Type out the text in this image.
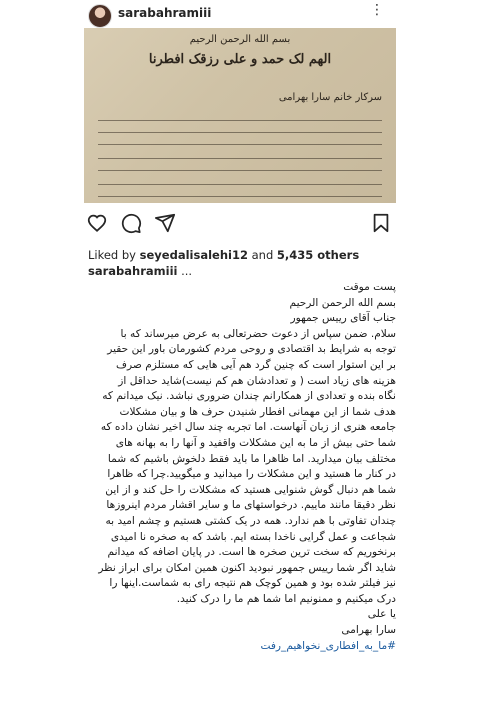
sarabahramiii	⋮
بسم الله الرحمن الرحیم
الهم لک حمد و علی رزقک افطرنا
سرکار خانم سارا بهرامی
Liked by seyedalisalehi12 and 5,435 others
sarabahramiii ...
پست موقت
بسم الله الرحمن الرحیم
جناب آقای رییس جمهور
سلام. ضمن سپاس از دعوت حضرتعالی به عرض میرساند که با
توجه به شرایط بد اقتصادی و روحی مردم کشورمان باور این حقیر
بر این استوار است که چنین گرد هم آیی هایی که مستلزم صرف
هزینه های زیاد است ( و تعدادشان هم کم نیست)شاید حداقل از
نگاه بنده و تعدادی از همکارانم چندان ضروری نباشد. نیک میدانم که
هدف شما از این مهمانی افطار شنیدن حرف ها و بیان مشکلات
جامعه هنری از زبان آنهاست. اما تجربه چند سال اخیر نشان داده که
شما حتی بیش از ما به این مشکلات واقفید و آنها را به بهانه های
مختلف بیان میدارید. اما ظاهرا ما باید فقط دلخوش باشیم که شما
در کنار ما هستید و این مشکلات را میدانید و میگویید.چرا که ظاهرا
شما هم دنبال گوش شنوایی هستید که مشکلات را حل کند و از این
نظر دقیقا مانند ماییم. درخواستهای ما و سایر اقشار مردم اینروزها
چندان تفاوتی با هم ندارد. همه در یک کشتی هستیم و چشم امید به
شجاعت و عمل گرایی ناخدا بسته ایم. باشد که به صخره نا امیدی
برنخوریم که سخت ترین صخره ها است. در پایان اضافه که میدانم
شاید اگر شما رییس جمهور نبودید اکنون همین امکان برای ابراز نظر
نیز فیلتر شده بود و همین کوچک هم نتیجه رای به شماست.اینها را
درک میکنیم و ممنونیم اما شما هم ما را درک کنید.
یا علی
سارا بهرامی
#ما_به_افطاری_نخواهیم_رفت
